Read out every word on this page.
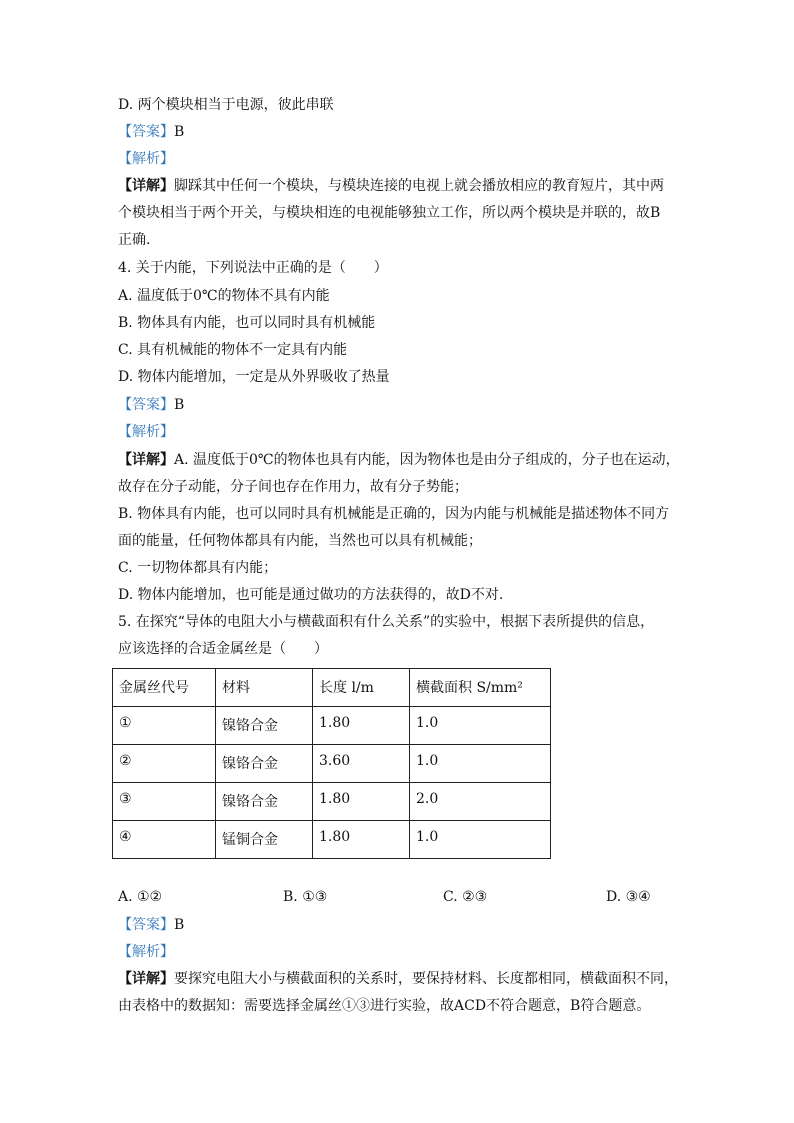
D. 两个模块相当于电源，彼此串联
【答案】B
【解析】
【详解】脚踩其中任何一个模块，与模块连接的电视上就会播放相应的教育短片，其中两
个模块相当于两个开关，与模块相连的电视能够独立工作，所以两个模块是并联的，故B
正确.
4. 关于内能，下列说法中正确的是（　　）
A. 温度低于0℃的物体不具有内能
B. 物体具有内能，也可以同时具有机械能
C. 具有机械能的物体不一定具有内能
D. 物体内能增加，一定是从外界吸收了热量
【答案】B
【解析】
【详解】A. 温度低于0℃的物体也具有内能，因为物体也是由分子组成的，分子也在运动，
故存在分子动能，分子间也存在作用力，故有分子势能；
B. 物体具有内能，也可以同时具有机械能是正确的，因为内能与机械能是描述物体不同方
面的能量，任何物体都具有内能，当然也可以具有机械能；
C. 一切物体都具有内能；
D. 物体内能增加，也可能是通过做功的方法获得的，故D不对.
5. 在探究“导体的电阻大小与横截面积有什么关系”的实验中，根据下表所提供的信息，
应该选择的合适金属丝是（　　）
金属丝代号	材料	长度 l/m	横截面积 S/mm²
①	镍铬合金	1.80	1.0
②	镍铬合金	3.60	1.0
③	镍铬合金	1.80	2.0
④	锰铜合金	1.80	1.0
A. ①②	B. ①③	C. ②③	D. ③④
【答案】B
【解析】
【详解】要探究电阻大小与横截面积的关系时，要保持材料、长度都相同，横截面积不同，
由表格中的数据知：需要选择金属丝①③进行实验，故ACD不符合题意，B符合题意。
